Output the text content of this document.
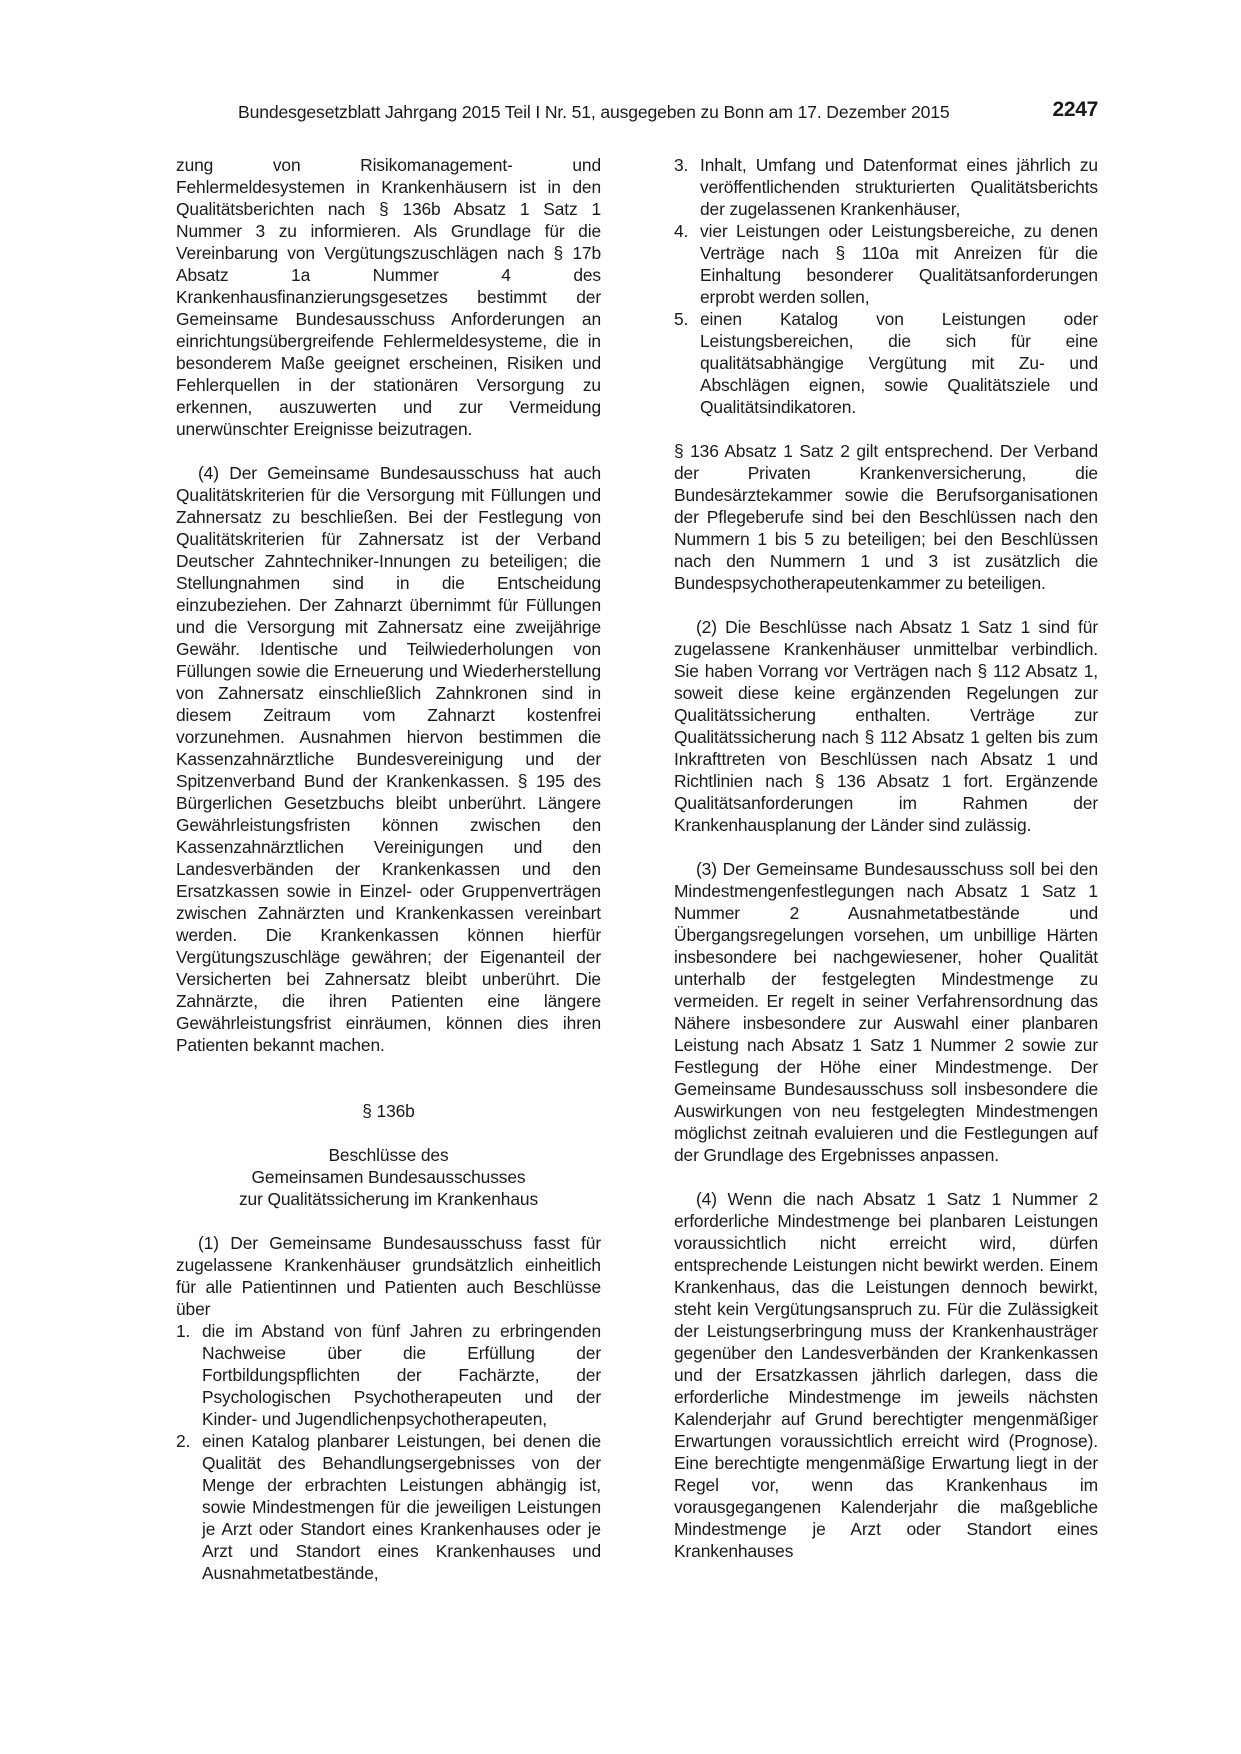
Bundesgesetzblatt Jahrgang 2015 Teil I Nr. 51, ausgegeben zu Bonn am 17. Dezember 2015	2247

zung von Risikomanagement- und Fehlermeldesystemen in Krankenhäusern ist in den Qualitätsberichten nach § 136b Absatz 1 Satz 1 Nummer 3 zu informieren. Als Grundlage für die Vereinbarung von Vergütungszuschlägen nach § 17b Absatz 1a Nummer 4 des Krankenhausfinanzierungsgesetzes bestimmt der Gemeinsame Bundesausschuss Anforderungen an einrichtungsübergreifende Fehlermeldesysteme, die in besonderem Maße geeignet erscheinen, Risiken und Fehlerquellen in der stationären Versorgung zu erkennen, auszuwerten und zur Vermeidung unerwünschter Ereignisse beizutragen.

(4) Der Gemeinsame Bundesausschuss hat auch Qualitätskriterien für die Versorgung mit Füllungen und Zahnersatz zu beschließen. Bei der Festlegung von Qualitätskriterien für Zahnersatz ist der Verband Deutscher Zahntechniker-Innungen zu beteiligen; die Stellungnahmen sind in die Entscheidung einzubeziehen. Der Zahnarzt übernimmt für Füllungen und die Versorgung mit Zahnersatz eine zweijährige Gewähr. Identische und Teilwiederholungen von Füllungen sowie die Erneuerung und Wiederherstellung von Zahnersatz einschließlich Zahnkronen sind in diesem Zeitraum vom Zahnarzt kostenfrei vorzunehmen. Ausnahmen hiervon bestimmen die Kassenzahnärztliche Bundesvereinigung und der Spitzenverband Bund der Krankenkassen. § 195 des Bürgerlichen Gesetzbuchs bleibt unberührt. Längere Gewährleistungsfristen können zwischen den Kassenzahnärztlichen Vereinigungen und den Landesverbänden der Krankenkassen und den Ersatzkassen sowie in Einzel- oder Gruppenverträgen zwischen Zahnärzten und Krankenkassen vereinbart werden. Die Krankenkassen können hierfür Vergütungszuschläge gewähren; der Eigenanteil der Versicherten bei Zahnersatz bleibt unberührt. Die Zahnärzte, die ihren Patienten eine längere Gewährleistungsfrist einräumen, können dies ihren Patienten bekannt machen.

§ 136b

Beschlüsse des
Gemeinsamen Bundesausschusses
zur Qualitätssicherung im Krankenhaus

(1) Der Gemeinsame Bundesausschuss fasst für zugelassene Krankenhäuser grundsätzlich einheitlich für alle Patientinnen und Patienten auch Beschlüsse über

1. die im Abstand von fünf Jahren zu erbringenden Nachweise über die Erfüllung der Fortbildungspflichten der Fachärzte, der Psychologischen Psychotherapeuten und der Kinder- und Jugendlichenpsychotherapeuten,
2. einen Katalog planbarer Leistungen, bei denen die Qualität des Behandlungsergebnisses von der Menge der erbrachten Leistungen abhängig ist, sowie Mindestmengen für die jeweiligen Leistungen je Arzt oder Standort eines Krankenhauses oder je Arzt und Standort eines Krankenhauses und Ausnahmetatbestände,
3. Inhalt, Umfang und Datenformat eines jährlich zu veröffentlichenden strukturierten Qualitätsberichts der zugelassenen Krankenhäuser,
4. vier Leistungen oder Leistungsbereiche, zu denen Verträge nach § 110a mit Anreizen für die Einhaltung besonderer Qualitätsanforderungen erprobt werden sollen,
5. einen Katalog von Leistungen oder Leistungsbereichen, die sich für eine qualitätsabhängige Vergütung mit Zu- und Abschlägen eignen, sowie Qualitätsziele und Qualitätsindikatoren.

§ 136 Absatz 1 Satz 2 gilt entsprechend. Der Verband der Privaten Krankenversicherung, die Bundesärztekammer sowie die Berufsorganisationen der Pflegeberufe sind bei den Beschlüssen nach den Nummern 1 bis 5 zu beteiligen; bei den Beschlüssen nach den Nummern 1 und 3 ist zusätzlich die Bundespsychotherapeutenkammer zu beteiligen.

(2) Die Beschlüsse nach Absatz 1 Satz 1 sind für zugelassene Krankenhäuser unmittelbar verbindlich. Sie haben Vorrang vor Verträgen nach § 112 Absatz 1, soweit diese keine ergänzenden Regelungen zur Qualitätssicherung enthalten. Verträge zur Qualitätssicherung nach § 112 Absatz 1 gelten bis zum Inkrafttreten von Beschlüssen nach Absatz 1 und Richtlinien nach § 136 Absatz 1 fort. Ergänzende Qualitätsanforderungen im Rahmen der Krankenhausplanung der Länder sind zulässig.

(3) Der Gemeinsame Bundesausschuss soll bei den Mindestmengenfestlegungen nach Absatz 1 Satz 1 Nummer 2 Ausnahmetatbestände und Übergangsregelungen vorsehen, um unbillige Härten insbesondere bei nachgewiesener, hoher Qualität unterhalb der festgelegten Mindestmenge zu vermeiden. Er regelt in seiner Verfahrensordnung das Nähere insbesondere zur Auswahl einer planbaren Leistung nach Absatz 1 Satz 1 Nummer 2 sowie zur Festlegung der Höhe einer Mindestmenge. Der Gemeinsame Bundesausschuss soll insbesondere die Auswirkungen von neu festgelegten Mindestmengen möglichst zeitnah evaluieren und die Festlegungen auf der Grundlage des Ergebnisses anpassen.

(4) Wenn die nach Absatz 1 Satz 1 Nummer 2 erforderliche Mindestmenge bei planbaren Leistungen voraussichtlich nicht erreicht wird, dürfen entsprechende Leistungen nicht bewirkt werden. Einem Krankenhaus, das die Leistungen dennoch bewirkt, steht kein Vergütungsanspruch zu. Für die Zulässigkeit der Leistungserbringung muss der Krankenhausträger gegenüber den Landesverbänden der Krankenkassen und der Ersatzkassen jährlich darlegen, dass die erforderliche Mindestmenge im jeweils nächsten Kalenderjahr auf Grund berechtigter mengenmäßiger Erwartungen voraussichtlich erreicht wird (Prognose). Eine berechtigte mengenmäßige Erwartung liegt in der Regel vor, wenn das Krankenhaus im vorausgegangenen Kalenderjahr die maßgebliche Mindestmenge je Arzt oder Standort eines Krankenhauses
